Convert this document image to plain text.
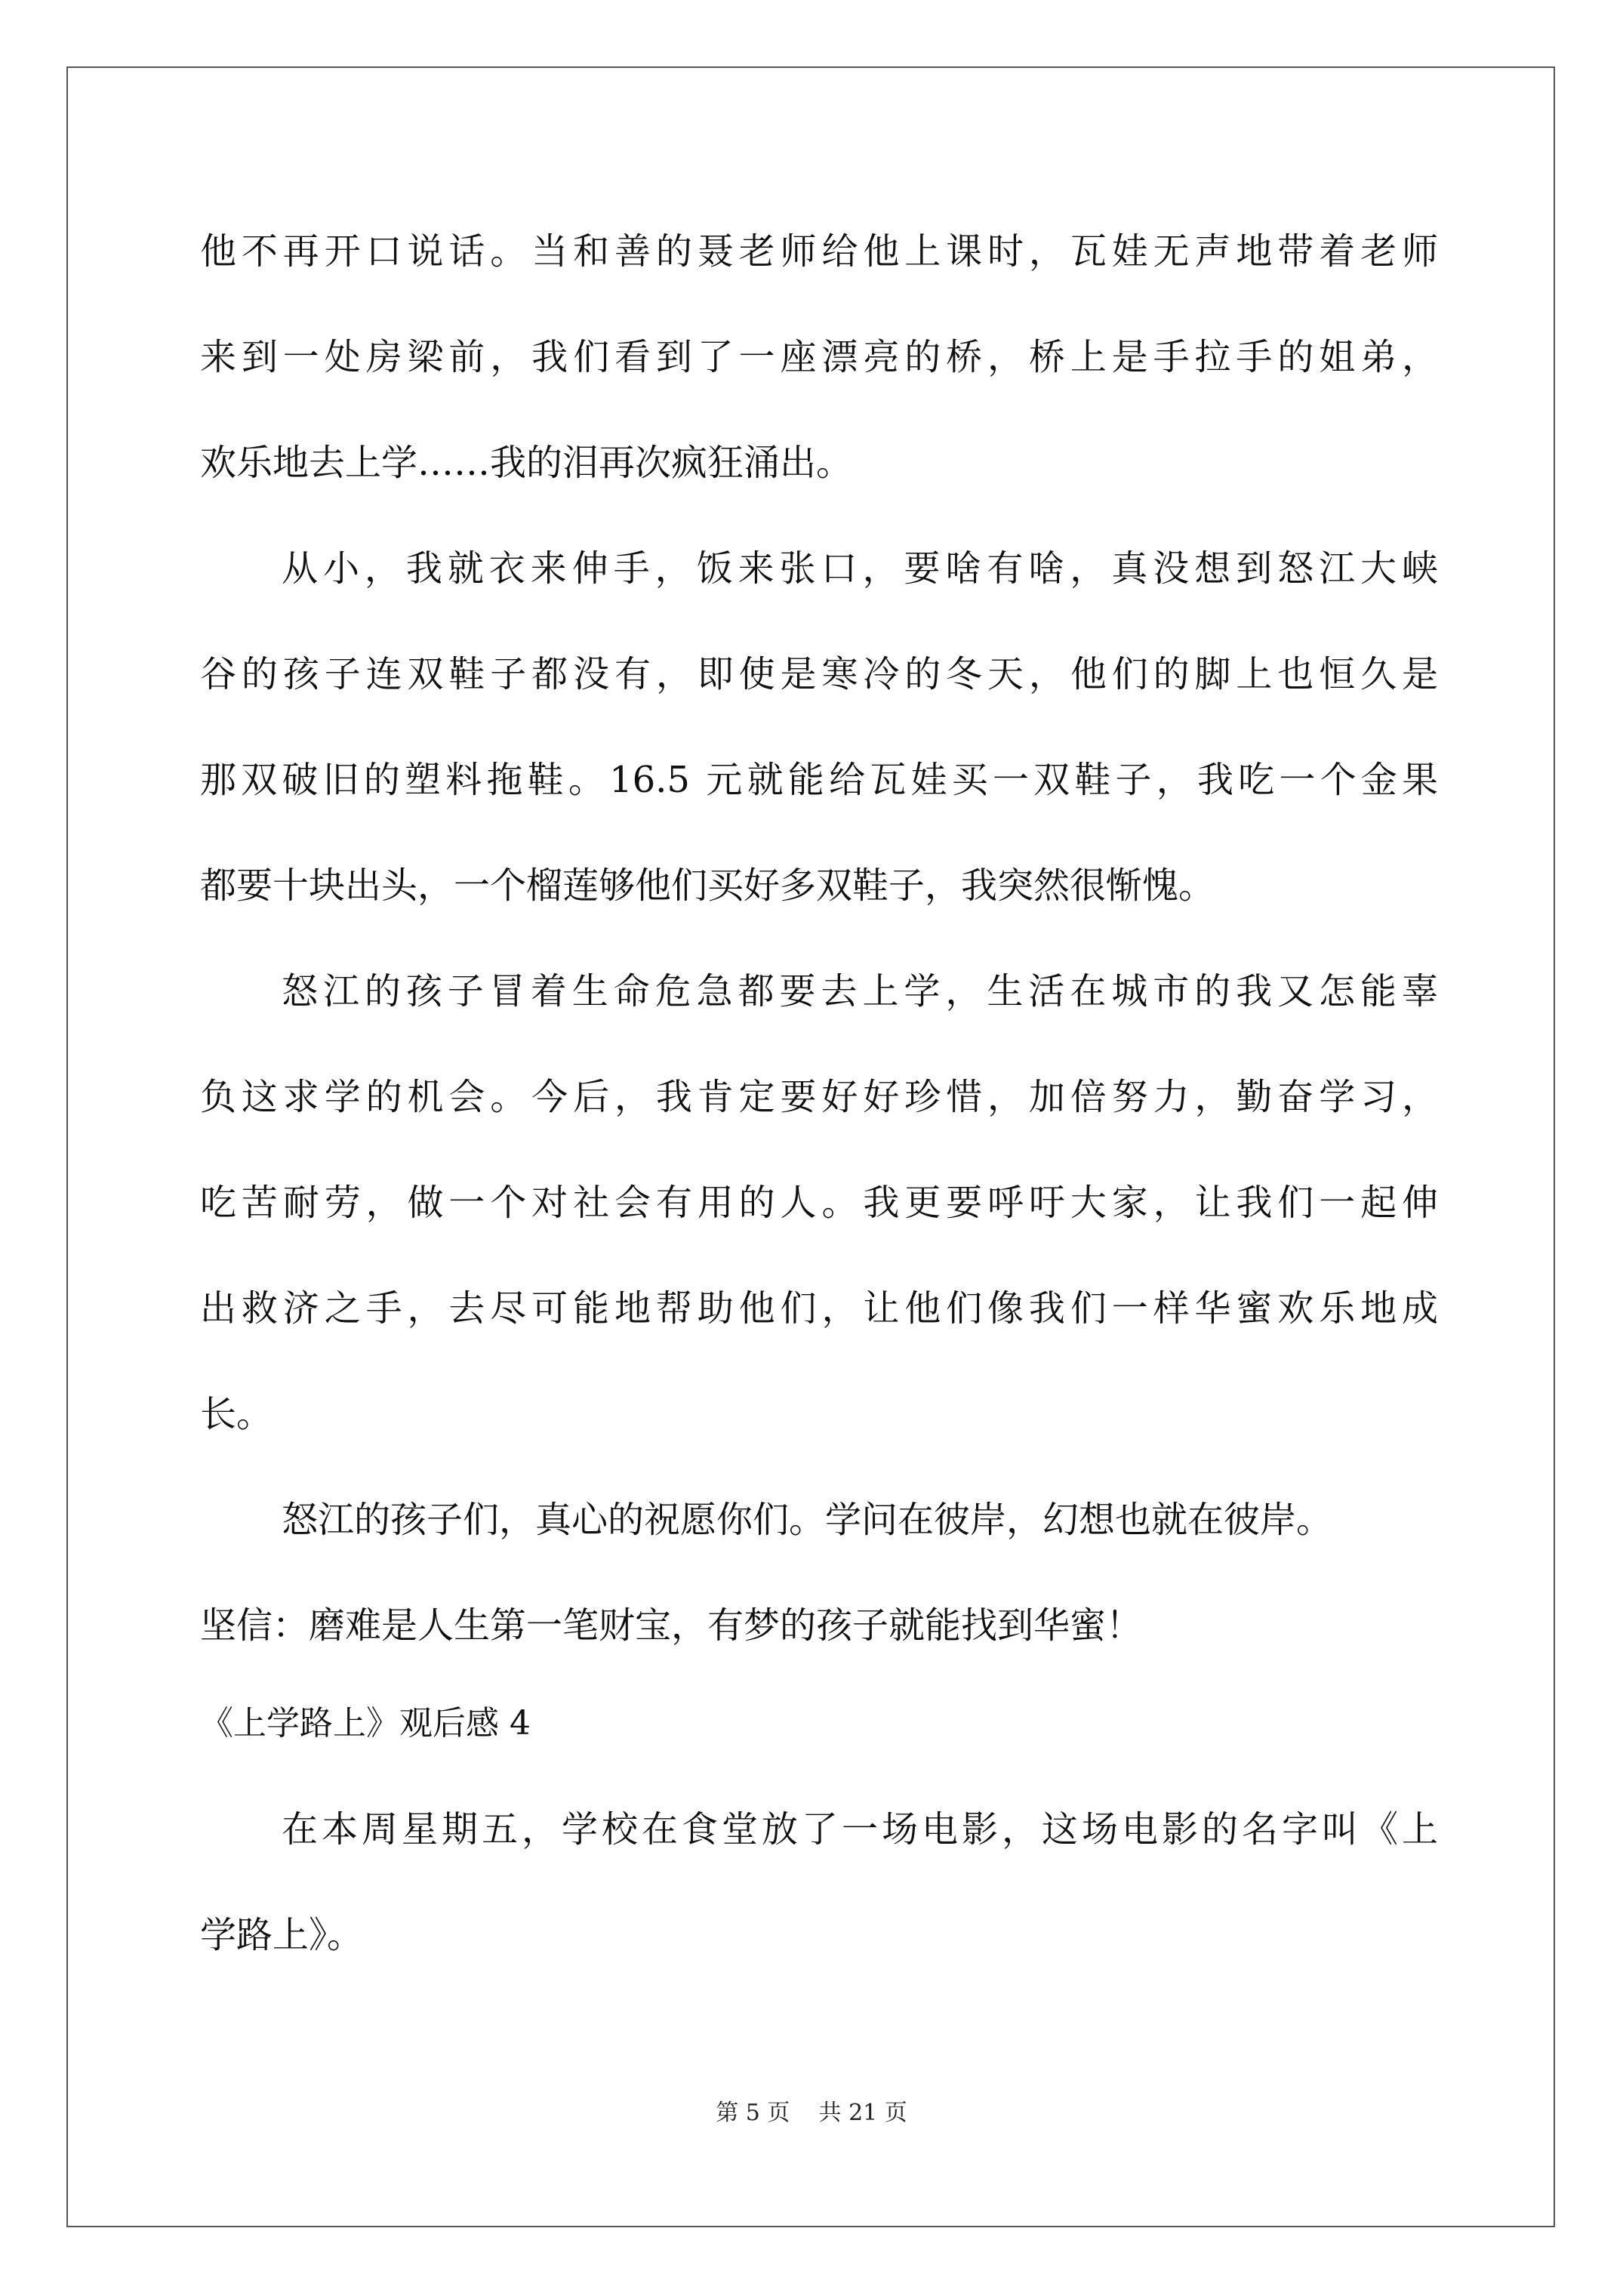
他不再开口说话。当和善的聂老师给他上课时，瓦娃无声地带着老师
来到一处房梁前，我们看到了一座漂亮的桥，桥上是手拉手的姐弟，
欢乐地去上学……我的泪再次疯狂涌出。
从小，我就衣来伸手，饭来张口，要啥有啥，真没想到怒江大峡
谷的孩子连双鞋子都没有，即使是寒冷的冬天，他们的脚上也恒久是
那双破旧的塑料拖鞋。16.5 元就能给瓦娃买一双鞋子，我吃一个金果
都要十块出头，一个榴莲够他们买好多双鞋子，我突然很惭愧。
怒江的孩子冒着生命危急都要去上学，生活在城市的我又怎能辜
负这求学的机会。今后，我肯定要好好珍惜，加倍努力，勤奋学习，
吃苦耐劳，做一个对社会有用的人。我更要呼吁大家，让我们一起伸
出救济之手，去尽可能地帮助他们，让他们像我们一样华蜜欢乐地成
长。
怒江的孩子们，真心的祝愿你们。学问在彼岸，幻想也就在彼岸。
坚信：磨难是人生第一笔财宝，有梦的孩子就能找到华蜜！
《上学路上》观后感 4
在本周星期五，学校在食堂放了一场电影，这场电影的名字叫《上
学路上》。
第 5 页 共 21 页
